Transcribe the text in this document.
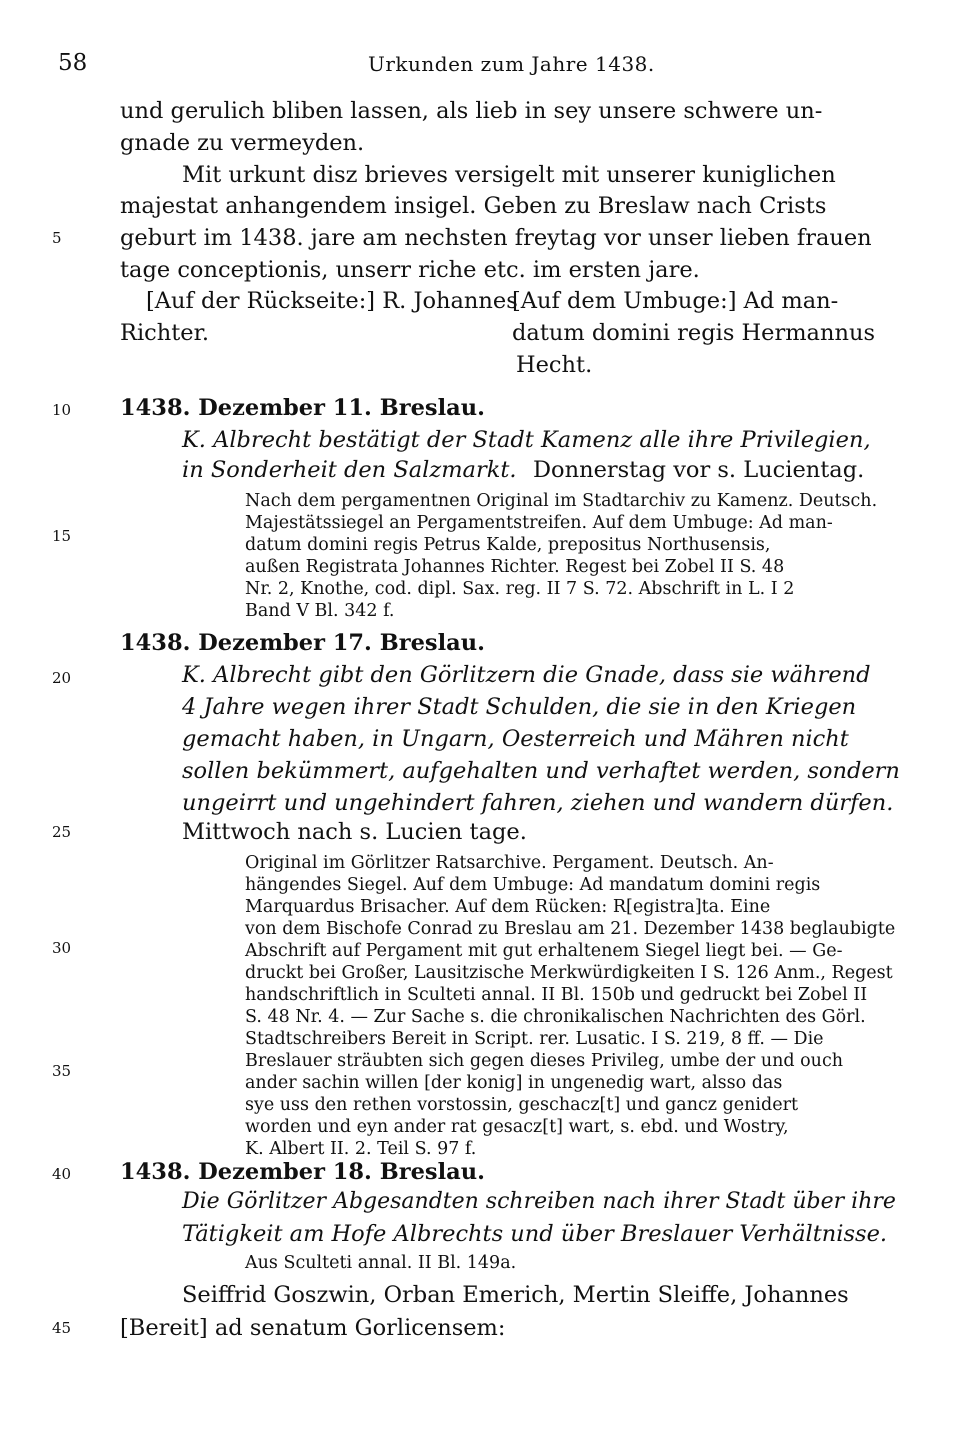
58	Urkunden zum Jahre 1438.
5
10
15
20
25
30
35
40
45
und gerulich bliben lassen, als lieb in sey unsere schwere un-
gnade zu vermeyden.
Mit urkunt disz brieves versigelt mit unserer kuniglichen
majestat anhangendem insigel. Geben zu Breslaw nach Crists
geburt im 1438. jare am nechsten freytag vor unser lieben frauen
tage conceptionis, unserr riche etc. im ersten jare.
[Auf der Rückseite:] R. Johannes
Richter.
[Auf dem Umbuge:] Ad man-
datum domini regis Hermannus
Hecht.
1438. Dezember 11. Breslau.
K. Albrecht bestätigt der Stadt Kamenz alle ihre Privilegien,
in Sonderheit den Salzmarkt. Donnerstag vor s. Lucientag.
Nach dem pergamentnen Original im Stadtarchiv zu Kamenz. Deutsch.
Majestätssiegel an Pergamentstreifen. Auf dem Umbuge: Ad man-
datum domini regis Petrus Kalde, prepositus Northusensis,
außen Registrata Johannes Richter. Regest bei Zobel II S. 48
Nr. 2, Knothe, cod. dipl. Sax. reg. II 7 S. 72. Abschrift in L. I 2
Band V Bl. 342 f.
1438. Dezember 17. Breslau.
K. Albrecht gibt den Görlitzern die Gnade, dass sie während
4 Jahre wegen ihrer Stadt Schulden, die sie in den Kriegen
gemacht haben, in Ungarn, Oesterreich und Mähren nicht
sollen bekümmert, aufgehalten und verhaftet werden, sondern
ungeirrt und ungehindert fahren, ziehen und wandern dürfen.
Mittwoch nach s. Lucien tage.
Original im Görlitzer Ratsarchive. Pergament. Deutsch. An-
hängendes Siegel. Auf dem Umbuge: Ad mandatum domini regis
Marquardus Brisacher. Auf dem Rücken: R[egistra]ta. Eine
von dem Bischofe Conrad zu Breslau am 21. Dezember 1438 beglaubigte
Abschrift auf Pergament mit gut erhaltenem Siegel liegt bei. — Ge-
druckt bei Großer, Lausitzische Merkwürdigkeiten I S. 126 Anm., Regest
handschriftlich in Sculteti annal. II Bl. 150b und gedruckt bei Zobel II
S. 48 Nr. 4. — Zur Sache s. die chronikalischen Nachrichten des Görl.
Stadtschreibers Bereit in Script. rer. Lusatic. I S. 219, 8 ff. — Die
Breslauer sträubten sich gegen dieses Privileg, umbe der und ouch
ander sachin willen [der konig] in ungenedig wart, alsso das
sye uss den rethen vorstossin, geschacz[t] und gancz genidert
worden und eyn ander rat gesacz[t] wart, s. ebd. und Wostry,
K. Albert II. 2. Teil S. 97 f.
1438. Dezember 18. Breslau.
Die Görlitzer Abgesandten schreiben nach ihrer Stadt über ihre
Tätigkeit am Hofe Albrechts und über Breslauer Verhältnisse.
Aus Sculteti annal. II Bl. 149a.
Seiffrid Goszwin, Orban Emerich, Mertin Sleiffe, Johannes
[Bereit] ad senatum Gorlicensem:
